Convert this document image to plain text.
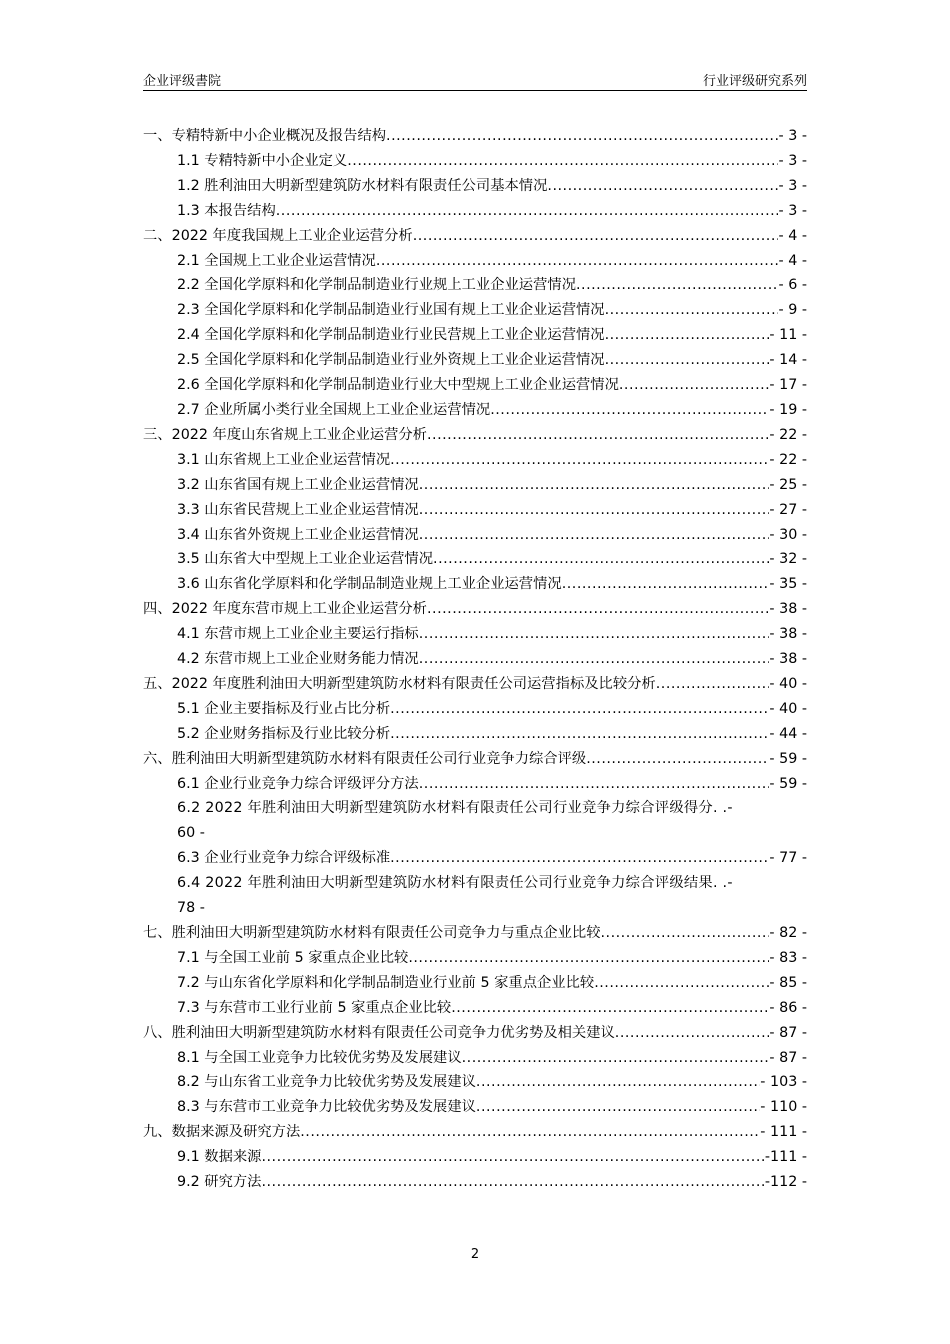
企业评级書院	行业评级研究系列
一、专精特新中小企业概况及报告结构 .....	- 3 -
1.1 专精特新中小企业定义 .....	- 3 -
1.2 胜利油田大明新型建筑防水材料有限责任公司基本情况 .....	- 3 -
1.3 本报告结构 .....	- 3 -
二、2022 年度我国规上工业企业运营分析 .....	- 4 -
2.1 全国规上工业企业运营情况 .....	- 4 -
2.2 全国化学原料和化学制品制造业行业规上工业企业运营情况 .....	- 6 -
2.3 全国化学原料和化学制品制造业行业国有规上工业企业运营情况 .....	- 9 -
2.4 全国化学原料和化学制品制造业行业民营规上工业企业运营情况 .....	- 11 -
2.5 全国化学原料和化学制品制造业行业外资规上工业企业运营情况 .....	- 14 -
2.6 全国化学原料和化学制品制造业行业大中型规上工业企业运营情况 .....	- 17 -
2.7 企业所属小类行业全国规上工业企业运营情况 .....	- 19 -
三、2022 年度山东省规上工业企业运营分析 .....	- 22 -
3.1 山东省规上工业企业运营情况 .....	- 22 -
3.2 山东省国有规上工业企业运营情况 .....	- 25 -
3.3 山东省民营规上工业企业运营情况 .....	- 27 -
3.4 山东省外资规上工业企业运营情况 .....	- 30 -
3.5 山东省大中型规上工业企业运营情况 .....	- 32 -
3.6 山东省化学原料和化学制品制造业规上工业企业运营情况 .....	- 35 -
四、2022 年度东营市规上工业企业运营分析 .....	- 38 -
4.1 东营市规上工业企业主要运行指标 .....	- 38 -
4.2 东营市规上工业企业财务能力情况 .....	- 38 -
五、2022 年度胜利油田大明新型建筑防水材料有限责任公司运营指标及比较分析 .....	- 40 -
5.1 企业主要指标及行业占比分析 .....	- 40 -
5.2 企业财务指标及行业比较分析 .....	- 44 -
六、胜利油田大明新型建筑防水材料有限责任公司行业竞争力综合评级 .....	- 59 -
6.1 企业行业竞争力综合评级评分方法 .....	- 59 -
6.2 2022 年胜利油田大明新型建筑防水材料有限责任公司行业竞争力综合评级得分. .-
60 -
6.3 企业行业竞争力综合评级标准 .....	- 77 -
6.4 2022 年胜利油田大明新型建筑防水材料有限责任公司行业竞争力综合评级结果. .-
78 -
七、胜利油田大明新型建筑防水材料有限责任公司竞争力与重点企业比较 .....	- 82 -
7.1 与全国工业前 5 家重点企业比较 .....	- 83 -
7.2 与山东省化学原料和化学制品制造业行业前 5 家重点企业比较 .....	- 85 -
7.3 与东营市工业行业前 5 家重点企业比较 .....	- 86 -
八、胜利油田大明新型建筑防水材料有限责任公司竞争力优劣势及相关建议 .....	- 87 -
8.1 与全国工业竞争力比较优劣势及发展建议 .....	- 87 -
8.2 与山东省工业竞争力比较优劣势及发展建议 .....	- 103 -
8.3 与东营市工业竞争力比较优劣势及发展建议 .....	- 110 -
九、数据来源及研究方法 .....	- 111 -
9.1 数据来源 .....	-111 -
9.2 研究方法 .....	-112 -
2
